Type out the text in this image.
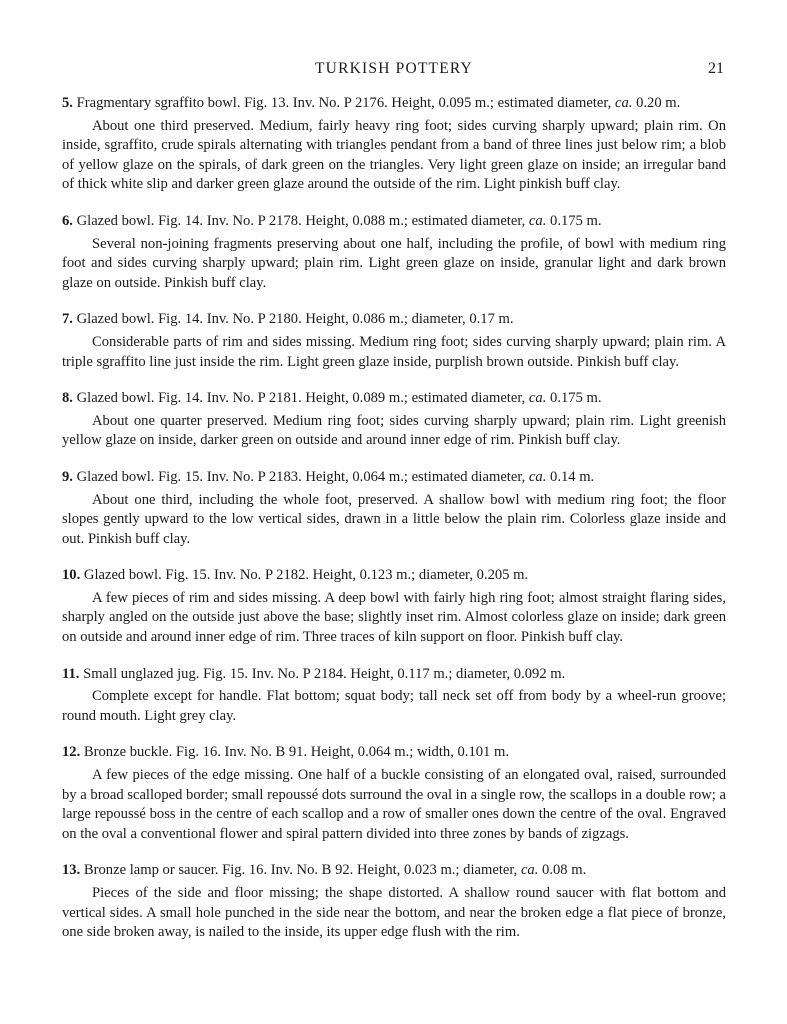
TURKISH POTTERY	21

5. Fragmentary sgraffito bowl. Fig. 13. Inv. No. P 2176. Height, 0.095 m.; estimated diameter, ca. 0.20 m.

About one third preserved. Medium, fairly heavy ring foot; sides curving sharply upward; plain rim. On inside, sgraffito, crude spirals alternating with triangles pendant from a band of three lines just below rim; a blob of yellow glaze on the spirals, of dark green on the triangles. Very light green glaze on inside; an irregular band of thick white slip and darker green glaze around the outside of the rim. Light pinkish buff clay.

6. Glazed bowl. Fig. 14. Inv. No. P 2178. Height, 0.088 m.; estimated diameter, ca. 0.175 m.

Several non-joining fragments preserving about one half, including the profile, of bowl with medium ring foot and sides curving sharply upward; plain rim. Light green glaze on inside, granular light and dark brown glaze on outside. Pinkish buff clay.

7. Glazed bowl. Fig. 14. Inv. No. P 2180. Height, 0.086 m.; diameter, 0.17 m.

Considerable parts of rim and sides missing. Medium ring foot; sides curving sharply upward; plain rim. A triple sgraffito line just inside the rim. Light green glaze inside, purplish brown outside. Pinkish buff clay.

8. Glazed bowl. Fig. 14. Inv. No. P 2181. Height, 0.089 m.; estimated diameter, ca. 0.175 m.

About one quarter preserved. Medium ring foot; sides curving sharply upward; plain rim. Light greenish yellow glaze on inside, darker green on outside and around inner edge of rim. Pinkish buff clay.

9. Glazed bowl. Fig. 15. Inv. No. P 2183. Height, 0.064 m.; estimated diameter, ca. 0.14 m.

About one third, including the whole foot, preserved. A shallow bowl with medium ring foot; the floor slopes gently upward to the low vertical sides, drawn in a little below the plain rim. Colorless glaze inside and out. Pinkish buff clay.

10. Glazed bowl. Fig. 15. Inv. No. P 2182. Height, 0.123 m.; diameter, 0.205 m.

A few pieces of rim and sides missing. A deep bowl with fairly high ring foot; almost straight flaring sides, sharply angled on the outside just above the base; slightly inset rim. Almost colorless glaze on inside; dark green on outside and around inner edge of rim. Three traces of kiln support on floor. Pinkish buff clay.

11. Small unglazed jug. Fig. 15. Inv. No. P 2184. Height, 0.117 m.; diameter, 0.092 m.

Complete except for handle. Flat bottom; squat body; tall neck set off from body by a wheel-run groove; round mouth. Light grey clay.

12. Bronze buckle. Fig. 16. Inv. No. B 91. Height, 0.064 m.; width, 0.101 m.

A few pieces of the edge missing. One half of a buckle consisting of an elongated oval, raised, surrounded by a broad scalloped border; small repoussé dots surround the oval in a single row, the scallops in a double row; a large repoussé boss in the centre of each scallop and a row of smaller ones down the centre of the oval. Engraved on the oval a conventional flower and spiral pattern divided into three zones by bands of zigzags.

13. Bronze lamp or saucer. Fig. 16. Inv. No. B 92. Height, 0.023 m.; diameter, ca. 0.08 m.

Pieces of the side and floor missing; the shape distorted. A shallow round saucer with flat bottom and vertical sides. A small hole punched in the side near the bottom, and near the broken edge a flat piece of bronze, one side broken away, is nailed to the inside, its upper edge flush with the rim.
